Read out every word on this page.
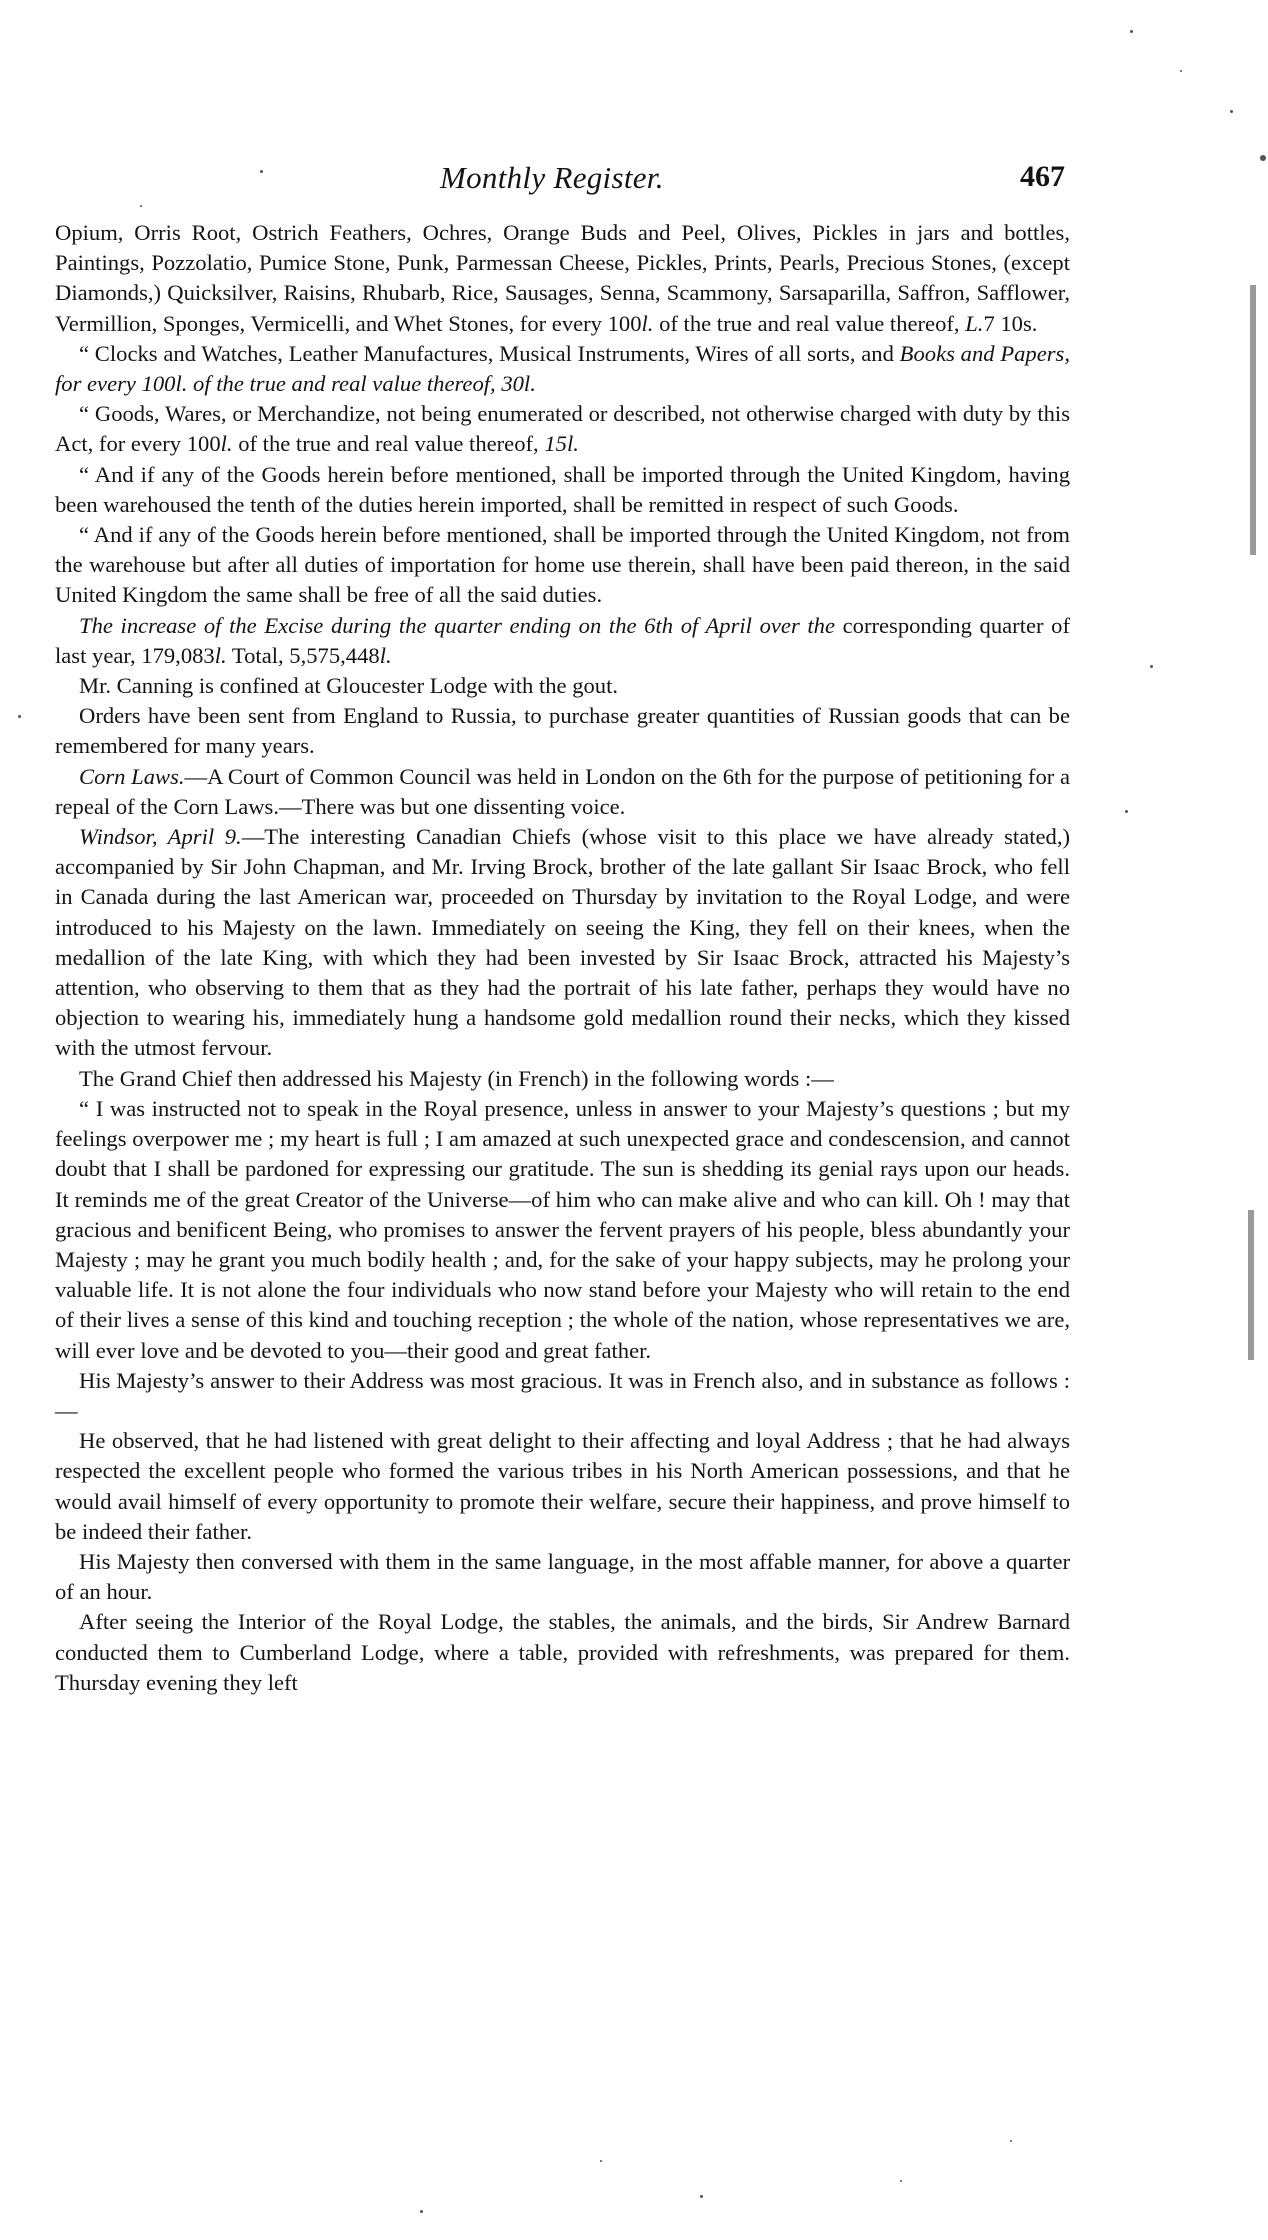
Monthly Register.	467

Opium, Orris Root, Ostrich Feathers, Ochres, Orange Buds and Peel, Olives, Pickles in jars and bottles, Paintings, Pozzolatio, Pumice Stone, Punk, Parmessan Cheese, Pickles, Prints, Pearls, Precious Stones, (except Diamonds,) Quicksilver, Raisins, Rhubarb, Rice, Sausages, Senna, Scammony, Sarsaparilla, Saffron, Safflower, Vermillion, Sponges, Vermicelli, and Whet Stones, for every 100l. of the true and real value thereof, L.7 10s.

“ Clocks and Watches, Leather Manufactures, Musical Instruments, Wires of all sorts, and Books and Papers, for every 100l. of the true and real value thereof, 30l.

“ Goods, Wares, or Merchandize, not being enumerated or described, not otherwise charged with duty by this Act, for every 100l. of the true and real value thereof, 15l.

“ And if any of the Goods herein before mentioned, shall be imported through the United Kingdom, having been warehoused the tenth of the duties herein imported, shall be remitted in respect of such Goods.

“ And if any of the Goods herein before mentioned, shall be imported through the United Kingdom, not from the warehouse but after all duties of importation for home use therein, shall have been paid thereon, in the said United Kingdom the same shall be free of all the said duties.

The increase of the Excise during the quarter ending on the 6th of April over the corresponding quarter of last year, 179,083l. Total, 5,575,448l.

Mr. Canning is confined at Gloucester Lodge with the gout.

Orders have been sent from England to Russia, to purchase greater quantities of Russian goods that can be remembered for many years.

Corn Laws.—A Court of Common Council was held in London on the 6th for the purpose of petitioning for a repeal of the Corn Laws.—There was but one dissenting voice.

Windsor, April 9.—The interesting Canadian Chiefs (whose visit to this place we have already stated,) accompanied by Sir John Chapman, and Mr. Irving Brock, brother of the late gallant Sir Isaac Brock, who fell in Canada during the last American war, proceeded on Thursday by invitation to the Royal Lodge, and were introduced to his Majesty on the lawn. Immediately on seeing the King, they fell on their knees, when the medallion of the late King, with which they had been invested by Sir Isaac Brock, attracted his Majesty’s attention, who observing to them that as they had the portrait of his late father, perhaps they would have no objection to wearing his, immediately hung a handsome gold medallion round their necks, which they kissed with the utmost fervour.

The Grand Chief then addressed his Majesty (in French) in the following words :—

“ I was instructed not to speak in the Royal presence, unless in answer to your Majesty’s questions ; but my feelings overpower me ; my heart is full ; I am amazed at such unexpected grace and condescension, and cannot doubt that I shall be pardoned for expressing our gratitude. The sun is shedding its genial rays upon our heads. It reminds me of the great Creator of the Universe—of him who can make alive and who can kill. Oh ! may that gracious and benificent Being, who promises to answer the fervent prayers of his people, bless abundantly your Majesty ; may he grant you much bodily health ; and, for the sake of your happy subjects, may he prolong your valuable life. It is not alone the four individuals who now stand before your Majesty who will retain to the end of their lives a sense of this kind and touching reception ; the whole of the nation, whose representatives we are, will ever love and be devoted to you—their good and great father.

His Majesty’s answer to their Address was most gracious. It was in French also, and in substance as follows :—

He observed, that he had listened with great delight to their affecting and loyal Address ; that he had always respected the excellent people who formed the various tribes in his North American possessions, and that he would avail himself of every opportunity to promote their welfare, secure their happiness, and prove himself to be indeed their father.

His Majesty then conversed with them in the same language, in the most affable manner, for above a quarter of an hour.

After seeing the Interior of the Royal Lodge, the stables, the animals, and the birds, Sir Andrew Barnard conducted them to Cumberland Lodge, where a table, provided with refreshments, was prepared for them. Thursday evening they left
